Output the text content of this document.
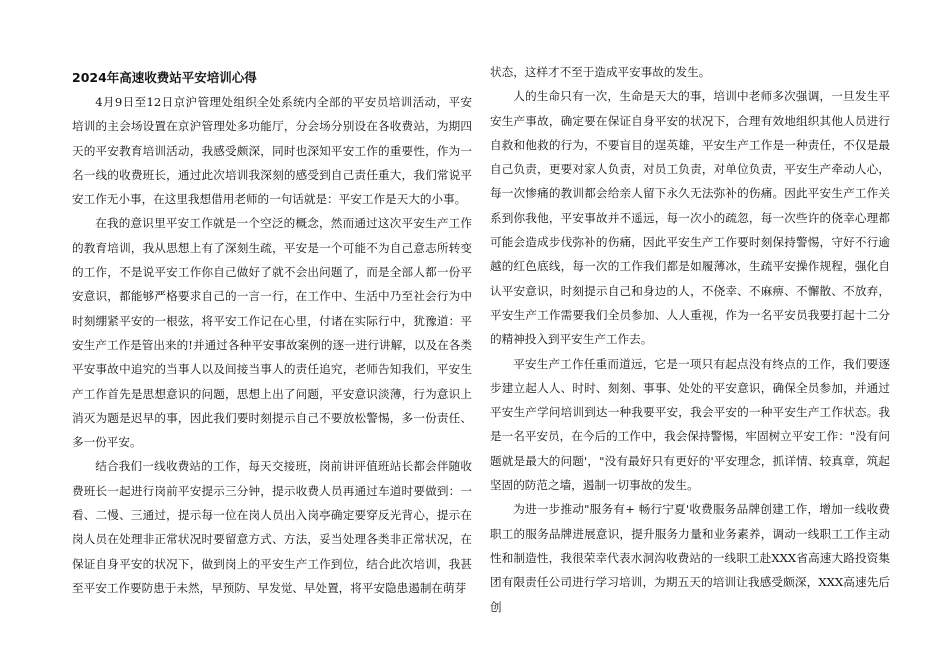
2024年高速收费站平安培训心得

4月9日至12日京沪管理处组织全处系统内全部的平安员培训活动，平安培训的主会场设置在京沪管理处多功能厅，分会场分别设在各收费站，为期四天的平安教育培训活动，我感受颇深，同时也深知平安工作的重要性，作为一名一线的收费班长，通过此次培训我深刻的感受到自己责任重大，我们常说平安工作无小事，在这里我想借用老师的一句话就是：平安工作是天大的小事。

在我的意识里平安工作就是一个空泛的概念，然而通过这次平安生产工作的教育培训，我从思想上有了深刻生疏，平安是一个可能不为自己意志所转变的工作，不是说平安工作你自己做好了就不会出问题了，而是全部人都一份平安意识，都能够严格要求自己的一言一行，在工作中、生活中乃至社会行为中时刻绷紧平安的一根弦，将平安工作记在心里，付诸在实际行中，犹豫道：平安生产工作是管出来的!并通过各种平安事故案例的逐一进行讲解，以及在各类平安事故中追究的当事人以及间接当事人的责任追究，老师告知我们，平安生产工作首先是思想意识的问题，思想上出了问题，平安意识淡薄，行为意识上消灭为题是迟早的事，因此我们要时刻提示自己不要放松警惕，多一份责任、多一份平安。

结合我们一线收费站的工作，每天交接班，岗前讲评值班站长都会伴随收费班长一起进行岗前平安提示三分钟，提示收费人员再通过车道时要做到：一看、二慢、三通过，提示每一位在岗人员出入岗亭确定要穿反光背心，提示在岗人员在处理非正常状况时要留意方式、方法，妥当处理各类非正常状况，在保证自身平安的状况下，做到岗上的平安生产工作到位，结合此次培训，我甚至平安工作要防患于未然，早预防、早发觉、早处置，将平安隐患遏制在萌芽

状态，这样才不至于造成平安事故的发生。

人的生命只有一次，生命是天大的事，培训中老师多次强调，一旦发生平安生产事故，确定要在保证自身平安的状况下，合理有效地组织其他人员进行自救和他救的行为，不要盲目的逞英雄，平安生产工作是一种责任，不仅是最自己负责，更要对家人负责，对员工负责，对单位负责，平安生产牵动人心，每一次惨痛的教训都会给亲人留下永久无法弥补的伤痛。因此平安生产工作关系到你我他，平安事故并不遥远，每一次小的疏忽，每一次些许的侥幸心理都可能会造成步伐弥补的伤痛，因此平安生产工作要时刻保持警惕，守好不行逾越的红色底线，每一次的工作我们都是如履薄冰，生疏平安操作规程，强化自认平安意识，时刻提示自己和身边的人，不侥幸、不麻痹、不懈散、不放弃，平安生产工作需要我们全员参加、人人重视，作为一名平安员我要打起十二分的精神投入到平安生产工作去。

平安生产工作任重而道远，它是一项只有起点没有终点的工作，我们要逐步建立起人人、时时、刻刻、事事、处处的平安意识，确保全员参加，并通过平安生产学问培训到达一种我要平安，我会平安的一种平安生产工作状态。我是一名平安员，在今后的工作中，我会保持警惕，牢固树立平安工作："没有问题就是最大的问题'，"没有最好只有更好的'平安理念，抓详情、较真章，筑起坚固的防范之墙，遏制一切事故的发生。

为进一步推动"服务有+ 畅行宁夏'收费服务品牌创建工作，增加一线收费职工的服务品牌进展意识，提升服务力量和业务素养，调动一线职工工作主动性和制造性，我很荣幸代表水洞沟收费站的一线职工赴XXX省高速大路投资集团有限责任公司进行学习培训，为期五天的培训让我感受颇深，XXX高速先后创
